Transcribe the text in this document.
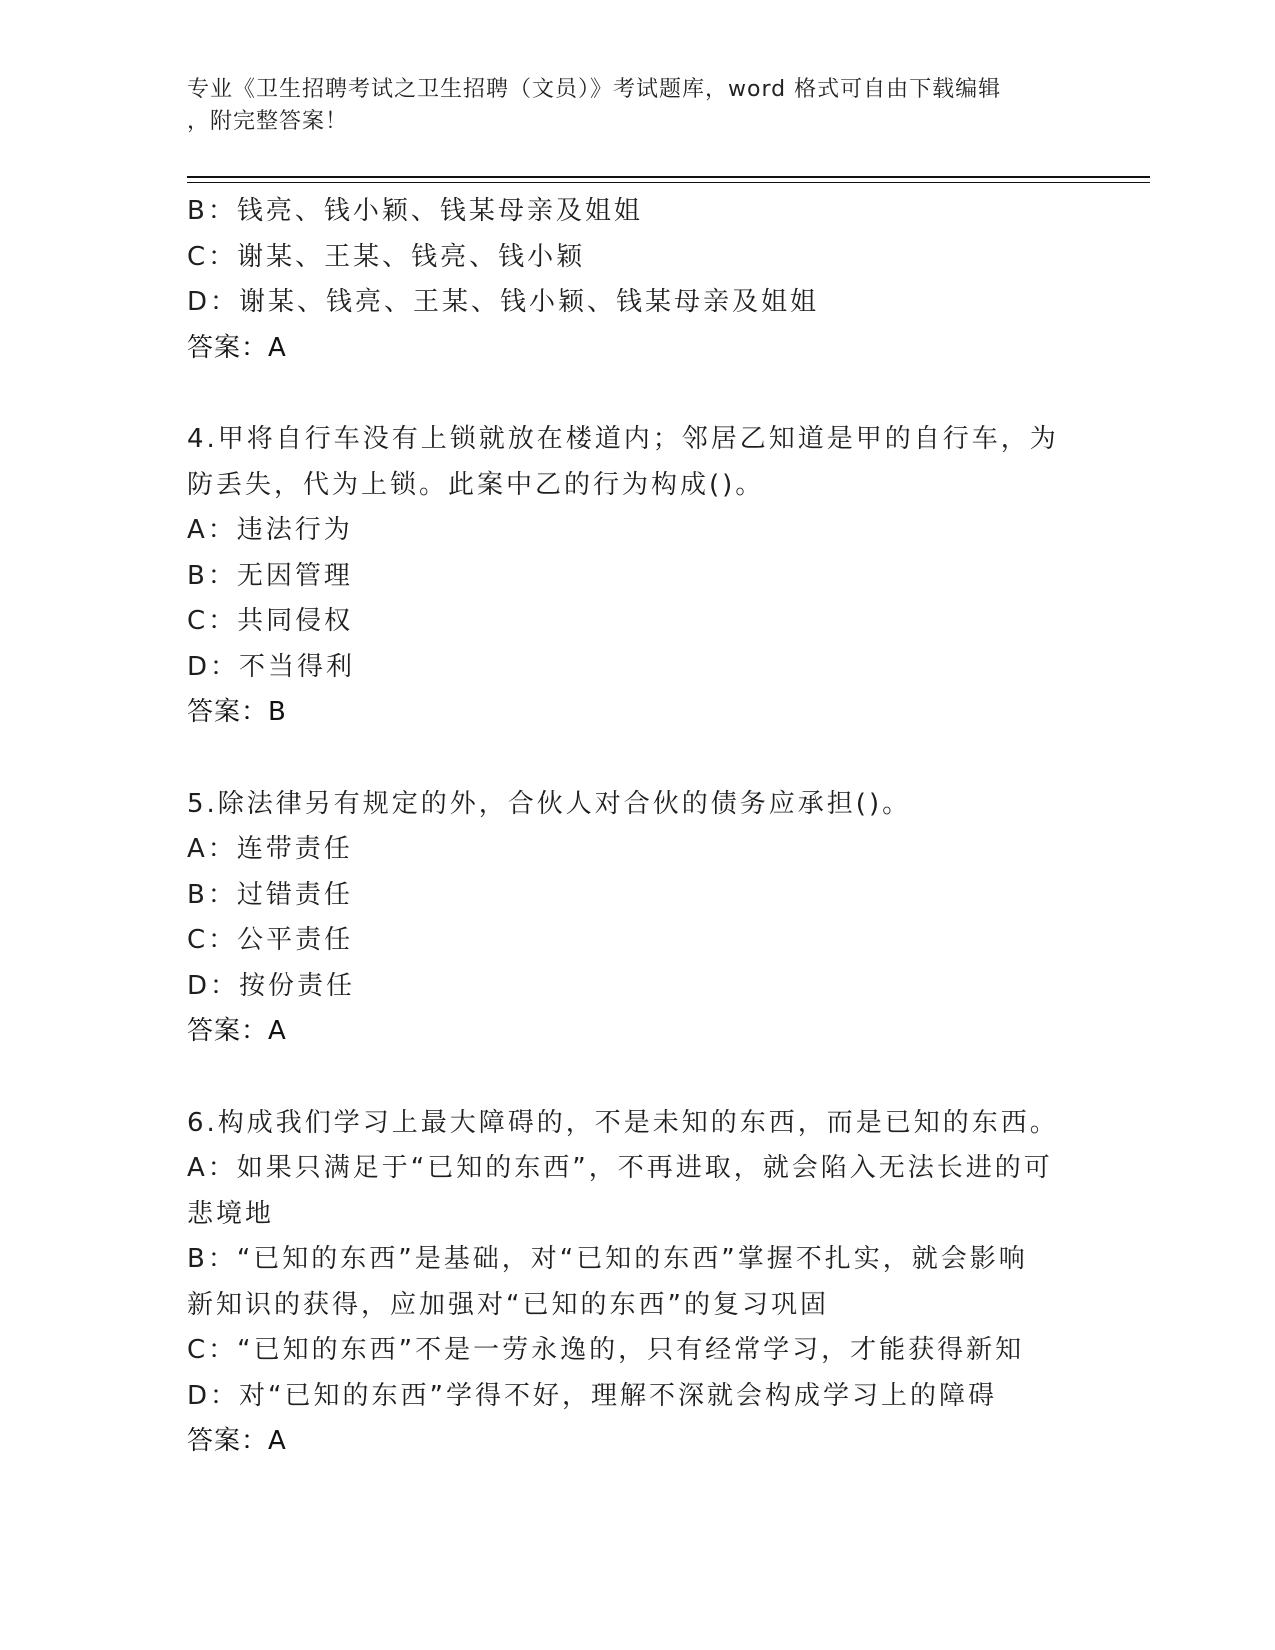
专业《卫生招聘考试之卫生招聘（文员）》考试题库，word 格式可自由下载编辑
，附完整答案！
B：钱亮、钱小颖、钱某母亲及姐姐
C：谢某、王某、钱亮、钱小颖
D：谢某、钱亮、王某、钱小颖、钱某母亲及姐姐
答案：A
4.甲将自行车没有上锁就放在楼道内；邻居乙知道是甲的自行车，为
防丢失，代为上锁。此案中乙的行为构成()。
A：违法行为
B：无因管理
C：共同侵权
D：不当得利
答案：B
5.除法律另有规定的外，合伙人对合伙的债务应承担()。
A：连带责任
B：过错责任
C：公平责任
D：按份责任
答案：A
6.构成我们学习上最大障碍的，不是未知的东西，而是已知的东西。
A：如果只满足于“已知的东西”，不再进取，就会陷入无法长进的可
悲境地
B：“已知的东西”是基础，对“已知的东西”掌握不扎实，就会影响
新知识的获得，应加强对“已知的东西”的复习巩固
C：“已知的东西”不是一劳永逸的，只有经常学习，才能获得新知
D：对“已知的东西”学得不好，理解不深就会构成学习上的障碍
答案：A
